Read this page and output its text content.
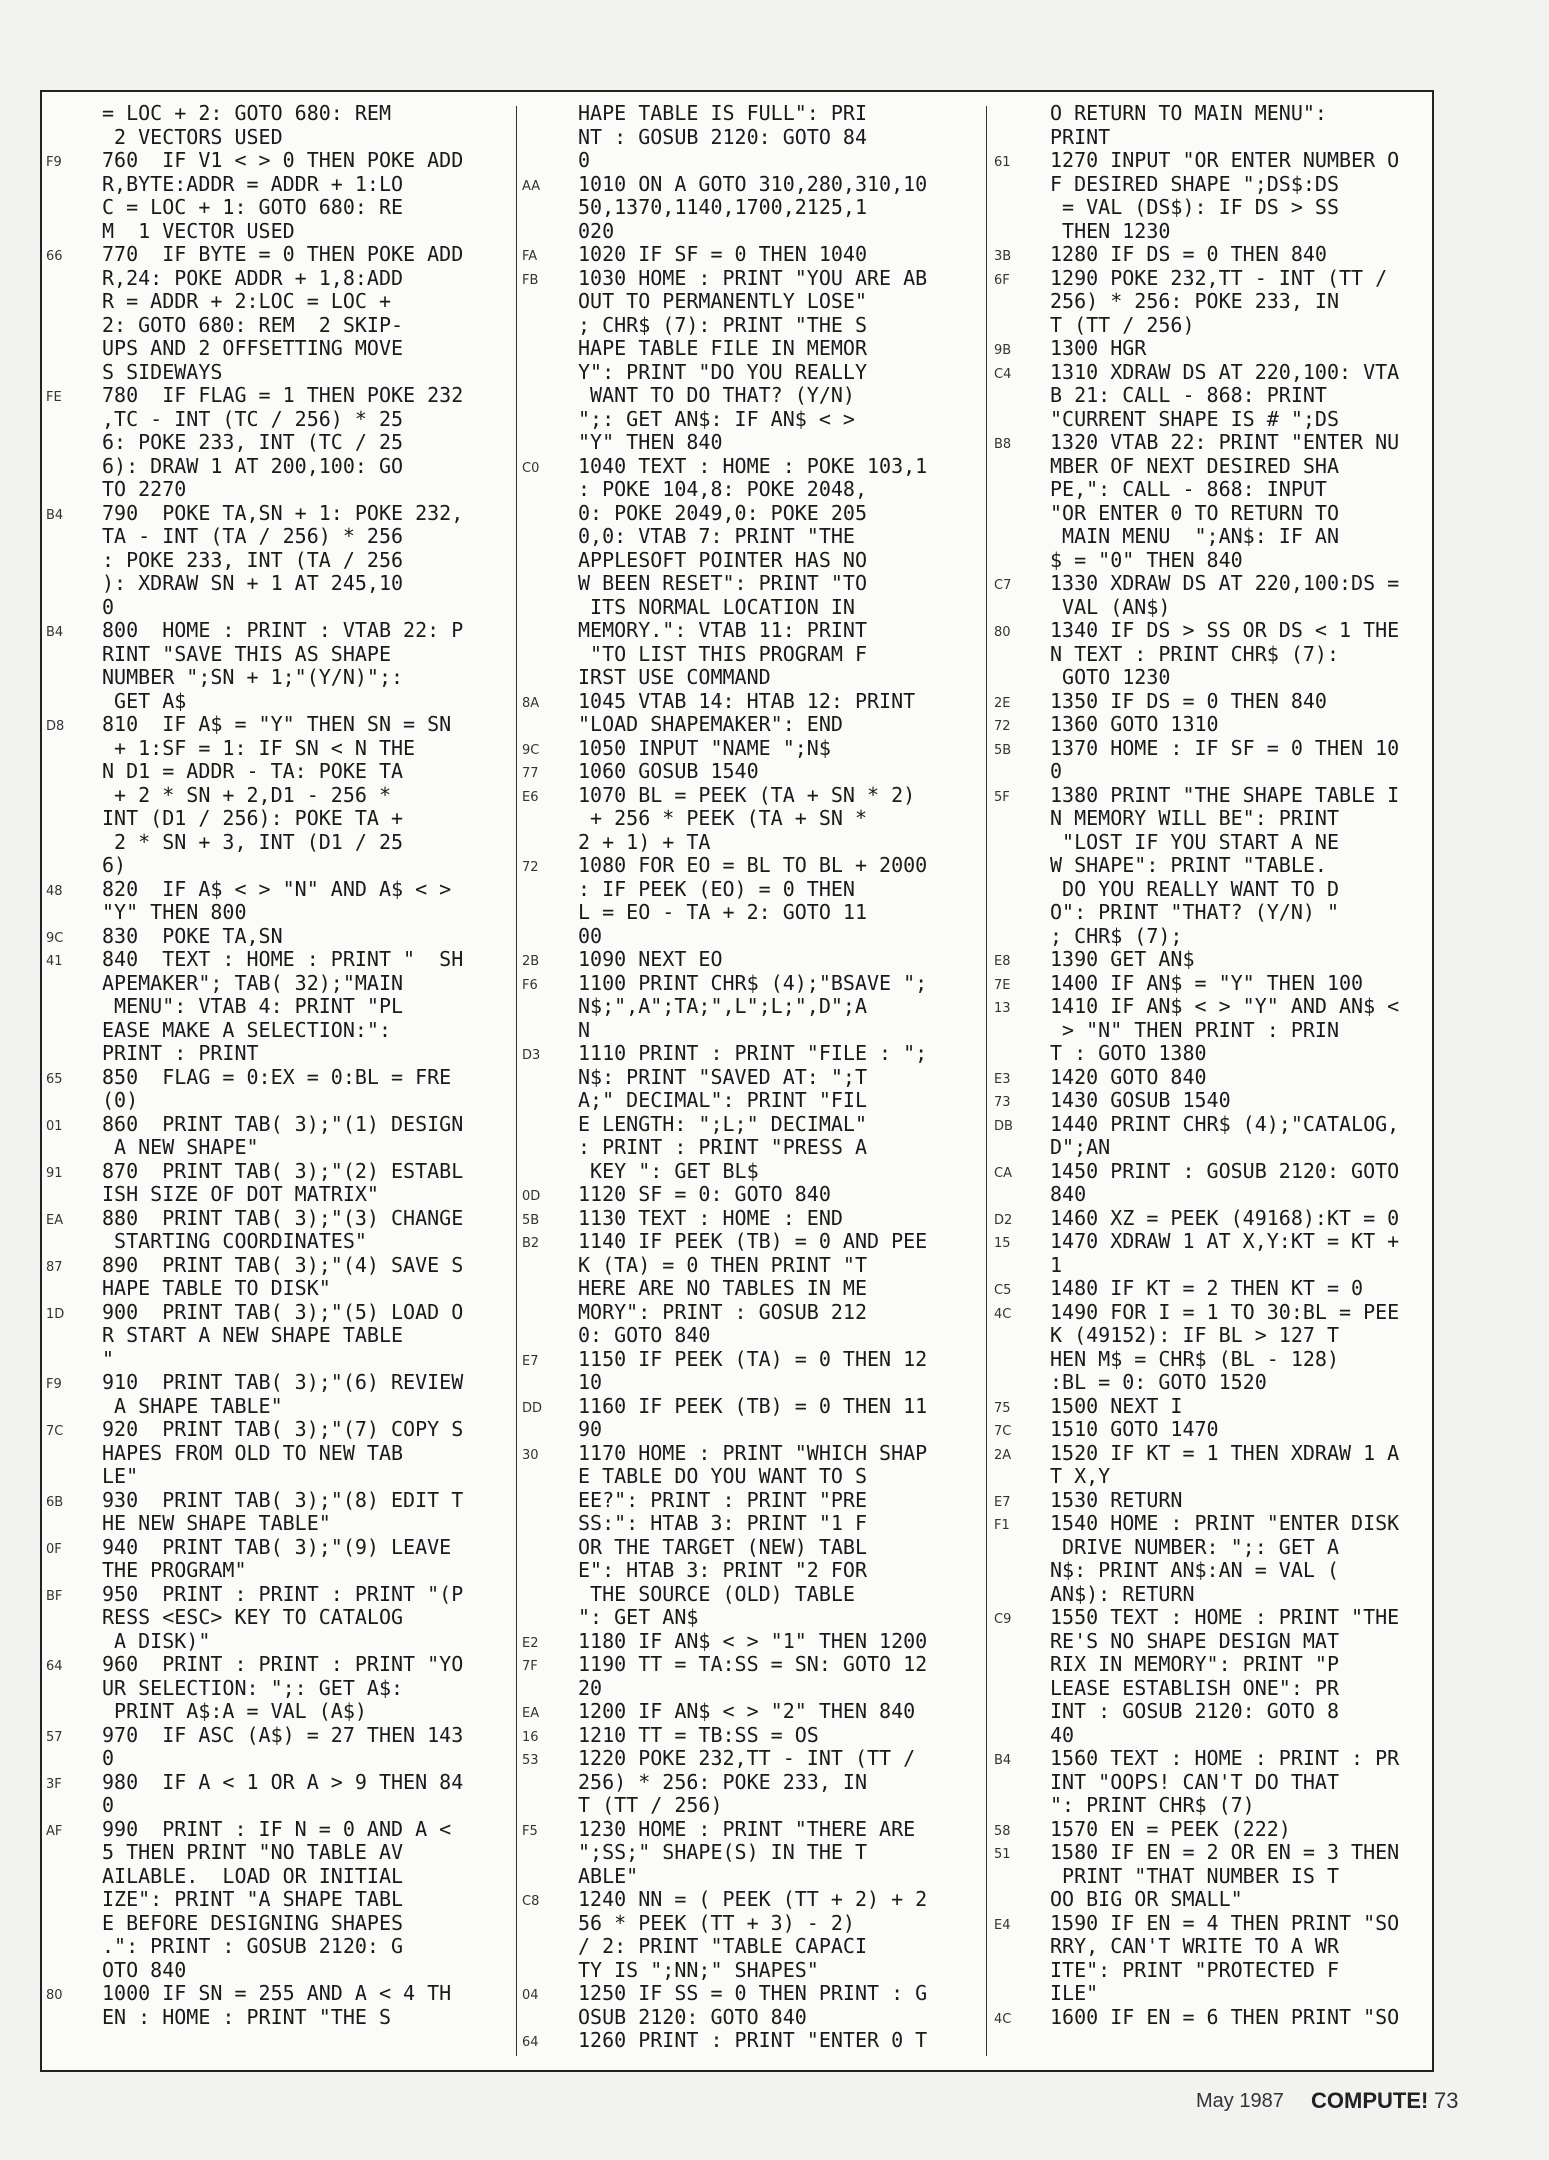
= LOC + 2: GOTO 680: REM
2 VECTORS USED
F9 760  IF V1 < > 0 THEN POKE ADD
R,BYTE:ADDR = ADDR + 1:LO
C = LOC + 1: GOTO 680: RE
M  1 VECTOR USED
66 770  IF BYTE = 0 THEN POKE ADD
R,24: POKE ADDR + 1,8:ADD
R = ADDR + 2:LOC = LOC +
2: GOTO 680: REM  2 SKIP-
UPS AND 2 OFFSETTING MOVE
S SIDEWAYS
FE 780  IF FLAG = 1 THEN POKE 232
,TC - INT (TC / 256) * 25
6: POKE 233, INT (TC / 25
6): DRAW 1 AT 200,100: GO
TO 2270
B4 790  POKE TA,SN + 1: POKE 232,
TA - INT (TA / 256) * 256
: POKE 233, INT (TA / 256
): XDRAW SN + 1 AT 245,10
0
B4 800  HOME : PRINT : VTAB 22: P
RINT "SAVE THIS AS SHAPE
NUMBER ";SN + 1;"(Y/N)";:
GET A$
D8 810  IF A$ = "Y" THEN SN = SN
+ 1:SF = 1: IF SN < N THE
N D1 = ADDR - TA: POKE TA
+ 2 * SN + 2,D1 - 256 *
INT (D1 / 256): POKE TA +
2 * SN + 3, INT (D1 / 25
6)
48 820  IF A$ < > "N" AND A$ < >
"Y" THEN 800
9C 830  POKE TA,SN
41 840  TEXT : HOME : PRINT "  SH
APEMAKER"; TAB( 32);"MAIN
MENU": VTAB 4: PRINT "PL
EASE MAKE A SELECTION:":
PRINT : PRINT
65 850  FLAG = 0:EX = 0:BL = FRE
(0)
01 860  PRINT TAB( 3);"(1) DESIGN
A NEW SHAPE"
91 870  PRINT TAB( 3);"(2) ESTABL
ISH SIZE OF DOT MATRIX"
EA 880  PRINT TAB( 3);"(3) CHANGE
STARTING COORDINATES"
87 890  PRINT TAB( 3);"(4) SAVE S
HAPE TABLE TO DISK"
1D 900  PRINT TAB( 3);"(5) LOAD O
R START A NEW SHAPE TABLE
"
F9 910  PRINT TAB( 3);"(6) REVIEW
A SHAPE TABLE"
7C 920  PRINT TAB( 3);"(7) COPY S
HAPES FROM OLD TO NEW TAB
LE"
6B 930  PRINT TAB( 3);"(8) EDIT T
HE NEW SHAPE TABLE"
0F 940  PRINT TAB( 3);"(9) LEAVE
THE PROGRAM"
BF 950  PRINT : PRINT : PRINT "(P
RESS <ESC> KEY TO CATALOG
A DISK)"
64 960  PRINT : PRINT : PRINT "YO
UR SELECTION: ";: GET A$:
PRINT A$:A = VAL (A$)
57 970  IF ASC (A$) = 27 THEN 143
0
3F 980  IF A < 1 OR A > 9 THEN 84
0
AF 990  PRINT : IF N = 0 AND A <
5 THEN PRINT "NO TABLE AV
AILABLE.  LOAD OR INITIAL
IZE": PRINT "A SHAPE TABL
E BEFORE DESIGNING SHAPES
.": PRINT : GOSUB 2120: G
OTO 840
80 1000 IF SN = 255 AND A < 4 TH
EN : HOME : PRINT "THE S
HAPE TABLE IS FULL": PRI
NT : GOSUB 2120: GOTO 84
0
AA 1010 ON A GOTO 310,280,310,10
50,1370,1140,1700,2125,1
020
FA 1020 IF SF = 0 THEN 1040
FB 1030 HOME : PRINT "YOU ARE AB
OUT TO PERMANENTLY LOSE"
; CHR$ (7): PRINT "THE S
HAPE TABLE FILE IN MEMOR
Y": PRINT "DO YOU REALLY
WANT TO DO THAT? (Y/N)
";: GET AN$: IF AN$ < >
"Y" THEN 840
C0 1040 TEXT : HOME : POKE 103,1
: POKE 104,8: POKE 2048,
0: POKE 2049,0: POKE 205
0,0: VTAB 7: PRINT "THE
APPLESOFT POINTER HAS NO
W BEEN RESET": PRINT "TO
ITS NORMAL LOCATION IN
MEMORY.": VTAB 11: PRINT
"TO LIST THIS PROGRAM F
IRST USE COMMAND
8A 1045 VTAB 14: HTAB 12: PRINT
"LOAD SHAPEMAKER": END
9C 1050 INPUT "NAME ";N$
77 1060 GOSUB 1540
E6 1070 BL = PEEK (TA + SN * 2)
+ 256 * PEEK (TA + SN *
2 + 1) + TA
72 1080 FOR EO = BL TO BL + 2000
: IF PEEK (EO) = 0 THEN
L = EO - TA + 2: GOTO 11
00
2B 1090 NEXT EO
F6 1100 PRINT CHR$ (4);"BSAVE ";
N$;",A";TA;",L";L;",D";A
N
D3 1110 PRINT : PRINT "FILE : ";
N$: PRINT "SAVED AT: ";T
A;" DECIMAL": PRINT "FIL
E LENGTH: ";L;" DECIMAL"
: PRINT : PRINT "PRESS A
KEY ": GET BL$
0D 1120 SF = 0: GOTO 840
5B 1130 TEXT : HOME : END
B2 1140 IF PEEK (TB) = 0 AND PEE
K (TA) = 0 THEN PRINT "T
HERE ARE NO TABLES IN ME
MORY": PRINT : GOSUB 212
0: GOTO 840
E7 1150 IF PEEK (TA) = 0 THEN 12
10
DD 1160 IF PEEK (TB) = 0 THEN 11
90
30 1170 HOME : PRINT "WHICH SHAP
E TABLE DO YOU WANT TO S
EE?": PRINT : PRINT "PRE
SS:": HTAB 3: PRINT "1 F
OR THE TARGET (NEW) TABL
E": HTAB 3: PRINT "2 FOR
THE SOURCE (OLD) TABLE
": GET AN$
E2 1180 IF AN$ < > "1" THEN 1200
7F 1190 TT = TA:SS = SN: GOTO 12
20
EA 1200 IF AN$ < > "2" THEN 840
16 1210 TT = TB:SS = OS
53 1220 POKE 232,TT - INT (TT /
256) * 256: POKE 233, IN
T (TT / 256)
F5 1230 HOME : PRINT "THERE ARE
";SS;" SHAPE(S) IN THE T
ABLE"
C8 1240 NN = ( PEEK (TT + 2) + 2
56 * PEEK (TT + 3) - 2)
/ 2: PRINT "TABLE CAPACI
TY IS ";NN;" SHAPES"
04 1250 IF SS = 0 THEN PRINT : G
OSUB 2120: GOTO 840
64 1260 PRINT : PRINT "ENTER 0 T
O RETURN TO MAIN MENU":
PRINT
61 1270 INPUT "OR ENTER NUMBER O
F DESIRED SHAPE ";DS$:DS
= VAL (DS$): IF DS > SS
THEN 1230
3B 1280 IF DS = 0 THEN 840
6F 1290 POKE 232,TT - INT (TT /
256) * 256: POKE 233, IN
T (TT / 256)
9B 1300 HGR
C4 1310 XDRAW DS AT 220,100: VTA
B 21: CALL - 868: PRINT
"CURRENT SHAPE IS # ";DS
B8 1320 VTAB 22: PRINT "ENTER NU
MBER OF NEXT DESIRED SHA
PE,": CALL - 868: INPUT
"OR ENTER 0 TO RETURN TO
MAIN MENU  ";AN$: IF AN
$ = "0" THEN 840
C7 1330 XDRAW DS AT 220,100:DS =
VAL (AN$)
80 1340 IF DS > SS OR DS < 1 THE
N TEXT : PRINT CHR$ (7):
GOTO 1230
2E 1350 IF DS = 0 THEN 840
72 1360 GOTO 1310
5B 1370 HOME : IF SF = 0 THEN 10
0
5F 1380 PRINT "THE SHAPE TABLE I
N MEMORY WILL BE": PRINT
"LOST IF YOU START A NE
W SHAPE": PRINT "TABLE.
DO YOU REALLY WANT TO D
O": PRINT "THAT? (Y/N) "
; CHR$ (7);
E8 1390 GET AN$
7E 1400 IF AN$ = "Y" THEN 100
13 1410 IF AN$ < > "Y" AND AN$ <
> "N" THEN PRINT : PRIN
T : GOTO 1380
E3 1420 GOTO 840
73 1430 GOSUB 1540
DB 1440 PRINT CHR$ (4);"CATALOG,
D";AN
CA 1450 PRINT : GOSUB 2120: GOTO
840
D2 1460 XZ = PEEK (49168):KT = 0
15 1470 XDRAW 1 AT X,Y:KT = KT +
1
C5 1480 IF KT = 2 THEN KT = 0
4C 1490 FOR I = 1 TO 30:BL = PEE
K (49152): IF BL > 127 T
HEN M$ = CHR$ (BL - 128)
:BL = 0: GOTO 1520
75 1500 NEXT I
7C 1510 GOTO 1470
2A 1520 IF KT = 1 THEN XDRAW 1 A
T X,Y
E7 1530 RETURN
F1 1540 HOME : PRINT "ENTER DISK
DRIVE NUMBER: ";: GET A
N$: PRINT AN$:AN = VAL (
AN$): RETURN
C9 1550 TEXT : HOME : PRINT "THE
RE'S NO SHAPE DESIGN MAT
RIX IN MEMORY": PRINT "P
LEASE ESTABLISH ONE": PR
INT : GOSUB 2120: GOTO 8
40
B4 1560 TEXT : HOME : PRINT : PR
INT "OOPS! CAN'T DO THAT
": PRINT CHR$ (7)
58 1570 EN = PEEK (222)
51 1580 IF EN = 2 OR EN = 3 THEN
PRINT "THAT NUMBER IS T
OO BIG OR SMALL"
E4 1590 IF EN = 4 THEN PRINT "SO
RRY, CAN'T WRITE TO A WR
ITE": PRINT "PROTECTED F
ILE"
4C 1600 IF EN = 6 THEN PRINT "SO
May 1987 COMPUTE! 73
